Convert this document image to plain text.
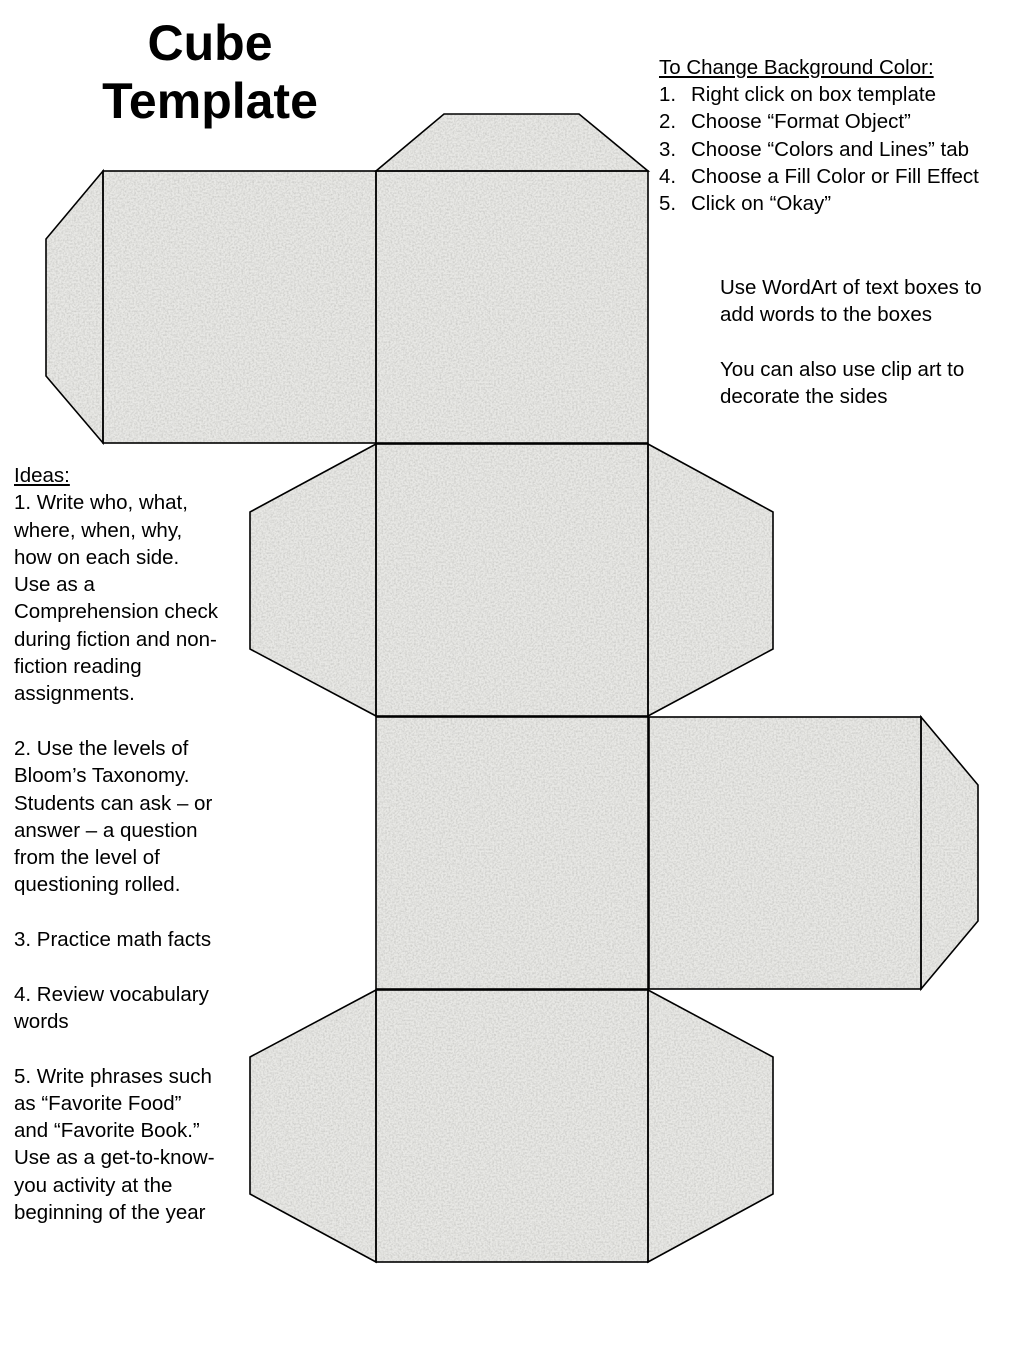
Cube
Template
To Change Background Color:
1. Right click on box template
2. Choose “Format Object”
3. Choose “Colors and Lines” tab
4. Choose a Fill Color or Fill Effect
5. Click on “Okay”

Use WordArt of text boxes to add words to the boxes

You can also use clip art to decorate the sides

Ideas:

1. Write who, what, where, when, why, how on each side. Use as a Comprehension check during fiction and non-fiction reading assignments.

2. Use the levels of Bloom’s Taxonomy. Students can ask – or answer – a question from the level of questioning rolled.

3. Practice math facts

4. Review vocabulary words

5. Write phrases such as “Favorite Food” and “Favorite Book.” Use as a get-to-know-you activity at the beginning of the year
